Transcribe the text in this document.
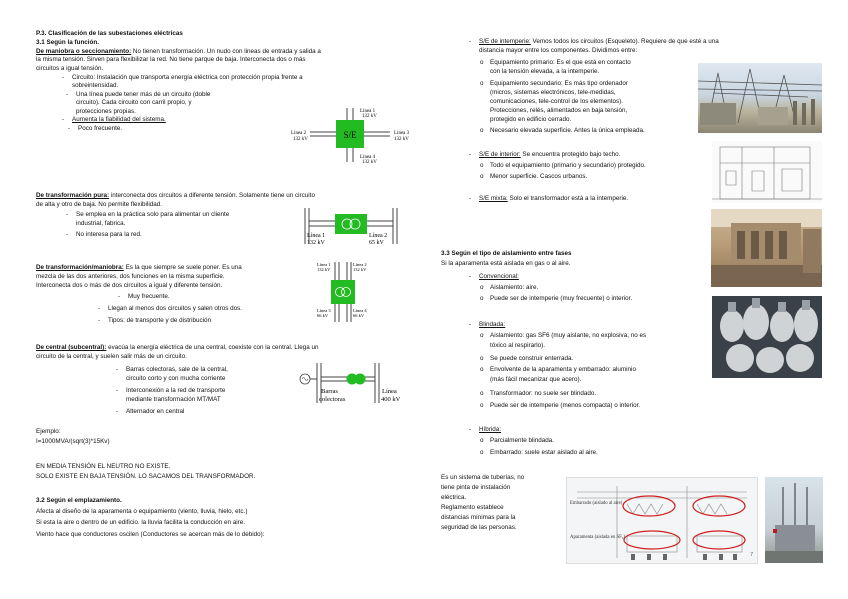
P.3. Clasificación de las subestaciones eléctricas
3.1 Según la función.
De maniobra o seccionamiento: No tienen transformación. Un nudo con lineas de entrada y salida a
la misma tensión. Sirven para flexibilizar la red. No tiene parque de baja. Interconecta dos o más
circuitos a igual tensión.
- Circuito: Instalación que transporta energía eléctrica con protección propia frente a
sobreintensidad.
- Una línea puede tener más de un circuito (doble
circuito). Cada circuito con carril propio, y
protecciones propias.
- Aumenta la fiabilidad del sistema.
- Poco frecuente.
De transformación pura: interconecta dos circuitos a diferente tensión. Solamente tiene un circuito
de alta y otro de baja. No permite flexibilidad.
- Se emplea en la práctica solo para alimentar un cliente
industrial, fabrica.
- No interesa para la red.
De transformación/maniobra: Es la que siempre se suele poner. Es una
mezcla de las dos anteriores, dos funciones en la misma superficie.
Interconecta dos o más de dos circuitos a igual y diferente tensión.
- Muy frecuente.
- Llegan al menos dos circuitos y salen otros dos.
- Tipos: de transporte y de distribución
De central (subcentral): evacúa la energía eléctrica de una central, coexiste con la central. Llega un
circuito de la central, y suelen salir más de un circuito.
- Barras colectoras, sale de la central,
circuito corto y con mucha corriente
- Interconexión a la red de transporte
mediante transformación MT/MAT
- Alternador en central
Ejemplo:
I=1000MVA/(sqrt(3)*15Kv)
EN MEDIA TENSIÓN EL NEUTRO NO EXISTE.
SOLO EXISTE EN BAJA TENSIÓN. LO SACAMOS DEL TRANSFORMADOR.
3.2 Según el emplazamiento.
Afecta al diseño de la aparamenta o equipamiento (viento, lluvia, hielo, etc.)
Si esta la aire o dentro de un edificio. la lluvia facilita la conducción en aire.
Viento hace que conductores oscilen (Conductores se acercan más de lo debido):
S/E
Línea 1
132 kV
Línea 2
132 kV
Línea 3
132 kV
Línea 4
132 kV
Línea 1
132 kV
Línea 2
65 kV
Línea 1
132 kV
Línea 2
132 kV
Línea 3
66 kV
Línea 4
66 kV
Barras
colectoras
Línea
400 kV
- S/E de intemperie: Vemos todos los circuitos (Esqueleto). Requiere de que esté a una
distancia mayor entre los componentes. Dividimos entre:
o Equipamiento primario: Es el que está en contacto
con la tensión elevada, a la intemperie.
o Equipamiento secundario: Es más tipo ordenador
(micros, sistemas electrónicos, tele-medidas,
comunicaciones, tele-control de los elementos).
Protecciones, relés, alimentados en baja tensión,
protegido en edificio cerrado.
o Necesario elevada superficie. Antes la única empleada.
- S/E de interior: Se encuentra protegido bajo techo.
o Todo el equipamiento (primario y secundario) protegido.
o Menor superficie. Cascos urbanos.
- S/E mixta: Solo el transformador está a la intemperie.
3.3 Según el tipo de aislamiento entre fases
Si la aparamenta está aislada en gas o al aire.
- Convencional:
o Aislamiento: aire.
o Puede ser de intemperie (muy frecuente) o interior.
- Blindada:
o Aislamiento: gas SF6 (muy aislante, no explosiva, no es
tóxico al respirarlo).
o Se puede construir enterrada.
o Envolvente de la aparamenta y embarrado: aluminio
(más fácil mecanizar que acero).
o Transformador: no suele ser blindado.
o Puede ser de intemperie (menos compacta) o interior.
- Híbrida:
o Parcialmente blindada.
o Embarrado: suele estar aislado al aire.
Es un sistema de tuberías, no
tiene pinta de instalación
eléctrica.
Reglamento establece
distancias mínimas para la
seguridad de las personas.
Embarrado (aislado al aire)
Aparamenta (aislada en SF₆)
7
